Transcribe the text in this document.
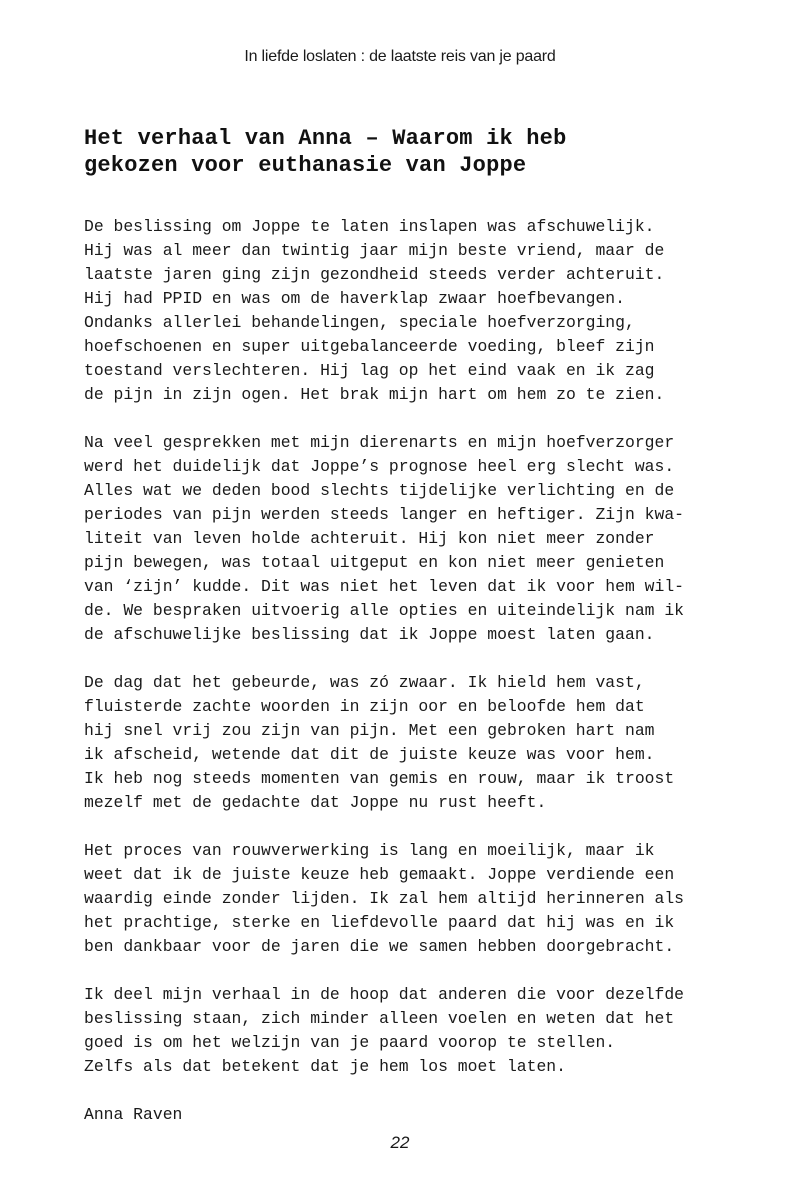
In liefde loslaten : de laatste reis van je paard
Het verhaal van Anna – Waarom ik heb
gekozen voor euthanasie van Joppe

De beslissing om Joppe te laten inslapen was afschuwelijk.
Hij was al meer dan twintig jaar mijn beste vriend, maar de
laatste jaren ging zijn gezondheid steeds verder achteruit.
Hij had PPID en was om de haverklap zwaar hoefbevangen.
Ondanks allerlei behandelingen, speciale hoefverzorging,
hoefschoenen en super uitgebalanceerde voeding, bleef zijn
toestand verslechteren. Hij lag op het eind vaak en ik zag
de pijn in zijn ogen. Het brak mijn hart om hem zo te zien.

Na veel gesprekken met mijn dierenarts en mijn hoefverzorger
werd het duidelijk dat Joppe’s prognose heel erg slecht was.
Alles wat we deden bood slechts tijdelijke verlichting en de
periodes van pijn werden steeds langer en heftiger. Zijn kwa-
liteit van leven holde achteruit. Hij kon niet meer zonder
pijn bewegen, was totaal uitgeput en kon niet meer genieten
van ‘zijn’ kudde. Dit was niet het leven dat ik voor hem wil-
de. We bespraken uitvoerig alle opties en uiteindelijk nam ik
de afschuwelijke beslissing dat ik Joppe moest laten gaan.

De dag dat het gebeurde, was zó zwaar. Ik hield hem vast,
fluisterde zachte woorden in zijn oor en beloofde hem dat
hij snel vrij zou zijn van pijn. Met een gebroken hart nam
ik afscheid, wetende dat dit de juiste keuze was voor hem.
Ik heb nog steeds momenten van gemis en rouw, maar ik troost
mezelf met de gedachte dat Joppe nu rust heeft.

Het proces van rouwverwerking is lang en moeilijk, maar ik
weet dat ik de juiste keuze heb gemaakt. Joppe verdiende een
waardig einde zonder lijden. Ik zal hem altijd herinneren als
het prachtige, sterke en liefdevolle paard dat hij was en ik
ben dankbaar voor de jaren die we samen hebben doorgebracht.

Ik deel mijn verhaal in de hoop dat anderen die voor dezelfde
beslissing staan, zich minder alleen voelen en weten dat het
goed is om het welzijn van je paard voorop te stellen.
Zelfs als dat betekent dat je hem los moet laten.

Anna Raven

22
